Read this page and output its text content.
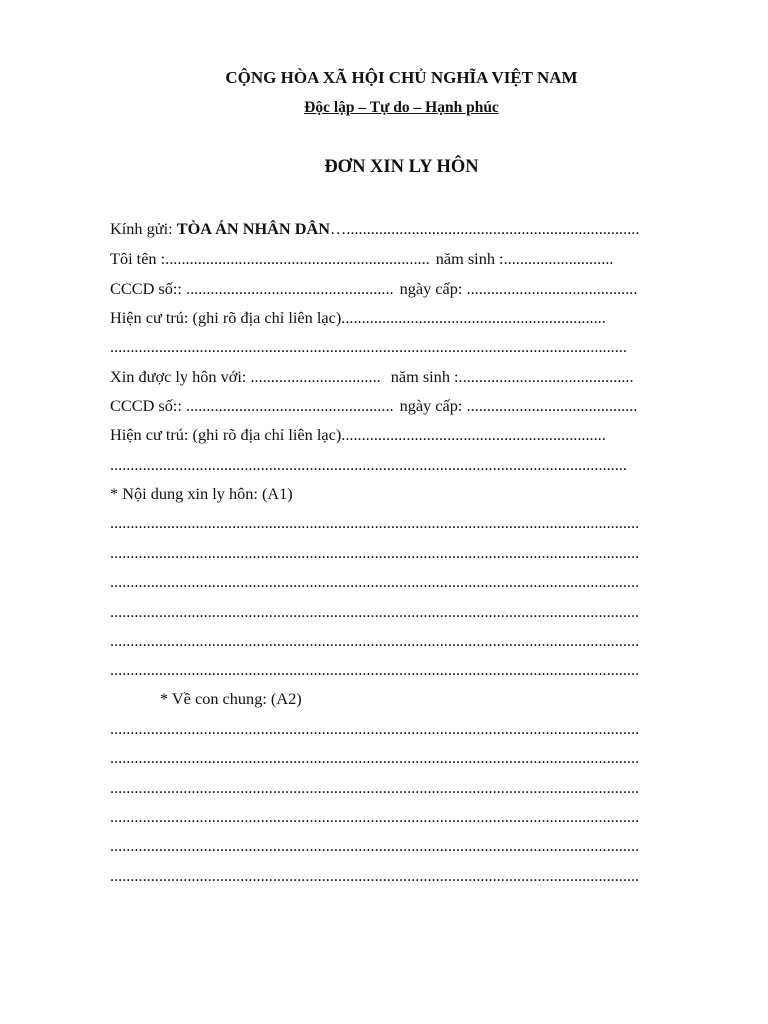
CỘNG HÒA XÃ HỘI CHỦ NGHĨA VIỆT NAM
Độc lập – Tự do – Hạnh phúc
ĐƠN XIN LY HÔN
Kính gửi: TÒA ÁN NHÂN DÂN…........................................................................
Tôi tên :................................................................. năm sinh :...........................
CCCD số:: ................................................... ngày cấp: ..........................................
Hiện cư trú: (ghi rõ địa chỉ liên lạc).................................................................
...............................................................................................................................
Xin được ly hôn với: ................................ năm sinh :...........................................
CCCD số:: ................................................... ngày cấp: ..........................................
Hiện cư trú: (ghi rõ địa chỉ liên lạc).................................................................
...............................................................................................................................
* Nội dung xin ly hôn: (A1)
..................................................................................................................................
..................................................................................................................................
..................................................................................................................................
..................................................................................................................................
..................................................................................................................................
..................................................................................................................................
* Về con chung: (A2)
..................................................................................................................................
..................................................................................................................................
..................................................................................................................................
..................................................................................................................................
..................................................................................................................................
..................................................................................................................................
